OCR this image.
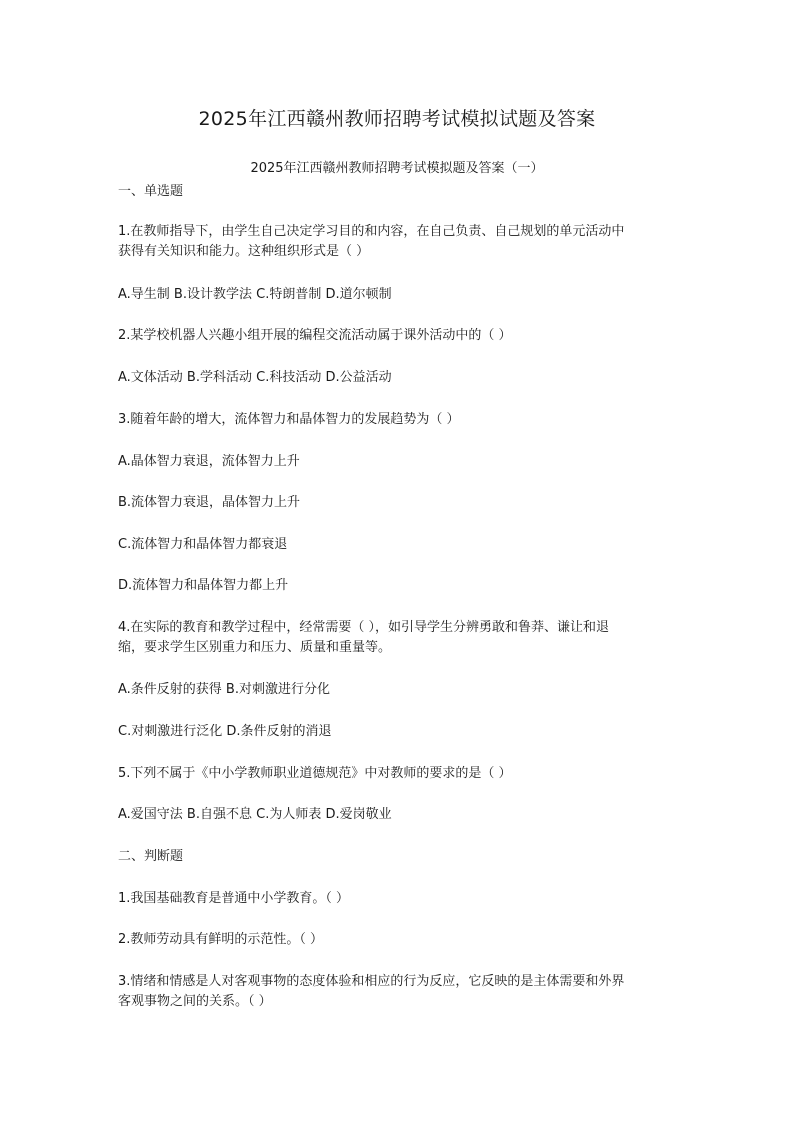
2025年江西赣州教师招聘考试模拟试题及答案
2025年江西赣州教师招聘考试模拟题及答案（一）
一、单选题
1.在教师指导下，由学生自己决定学习目的和内容，在自己负责、自己规划的单元活动中
获得有关知识和能力。这种组织形式是（ ）
A.导生制 B.设计教学法 C.特朗普制 D.道尔顿制
2.某学校机器人兴趣小组开展的编程交流活动属于课外活动中的（ ）
A.文体活动 B.学科活动 C.科技活动 D.公益活动
3.随着年龄的增大，流体智力和晶体智力的发展趋势为（ ）
A.晶体智力衰退，流体智力上升
B.流体智力衰退，晶体智力上升
C.流体智力和晶体智力都衰退
D.流体智力和晶体智力都上升
4.在实际的教育和教学过程中，经常需要（ ），如引导学生分辨勇敢和鲁莽、谦让和退
缩，要求学生区别重力和压力、质量和重量等。
A.条件反射的获得 B.对刺激进行分化
C.对刺激进行泛化 D.条件反射的消退
5.下列不属于《中小学教师职业道德规范》中对教师的要求的是（ ）
A.爱国守法 B.自强不息 C.为人师表 D.爱岗敬业
二、判断题
1.我国基础教育是普通中小学教育。（ ）
2.教师劳动具有鲜明的示范性。（ ）
3.情绪和情感是人对客观事物的态度体验和相应的行为反应，它反映的是主体需要和外界
客观事物之间的关系。（ ）
